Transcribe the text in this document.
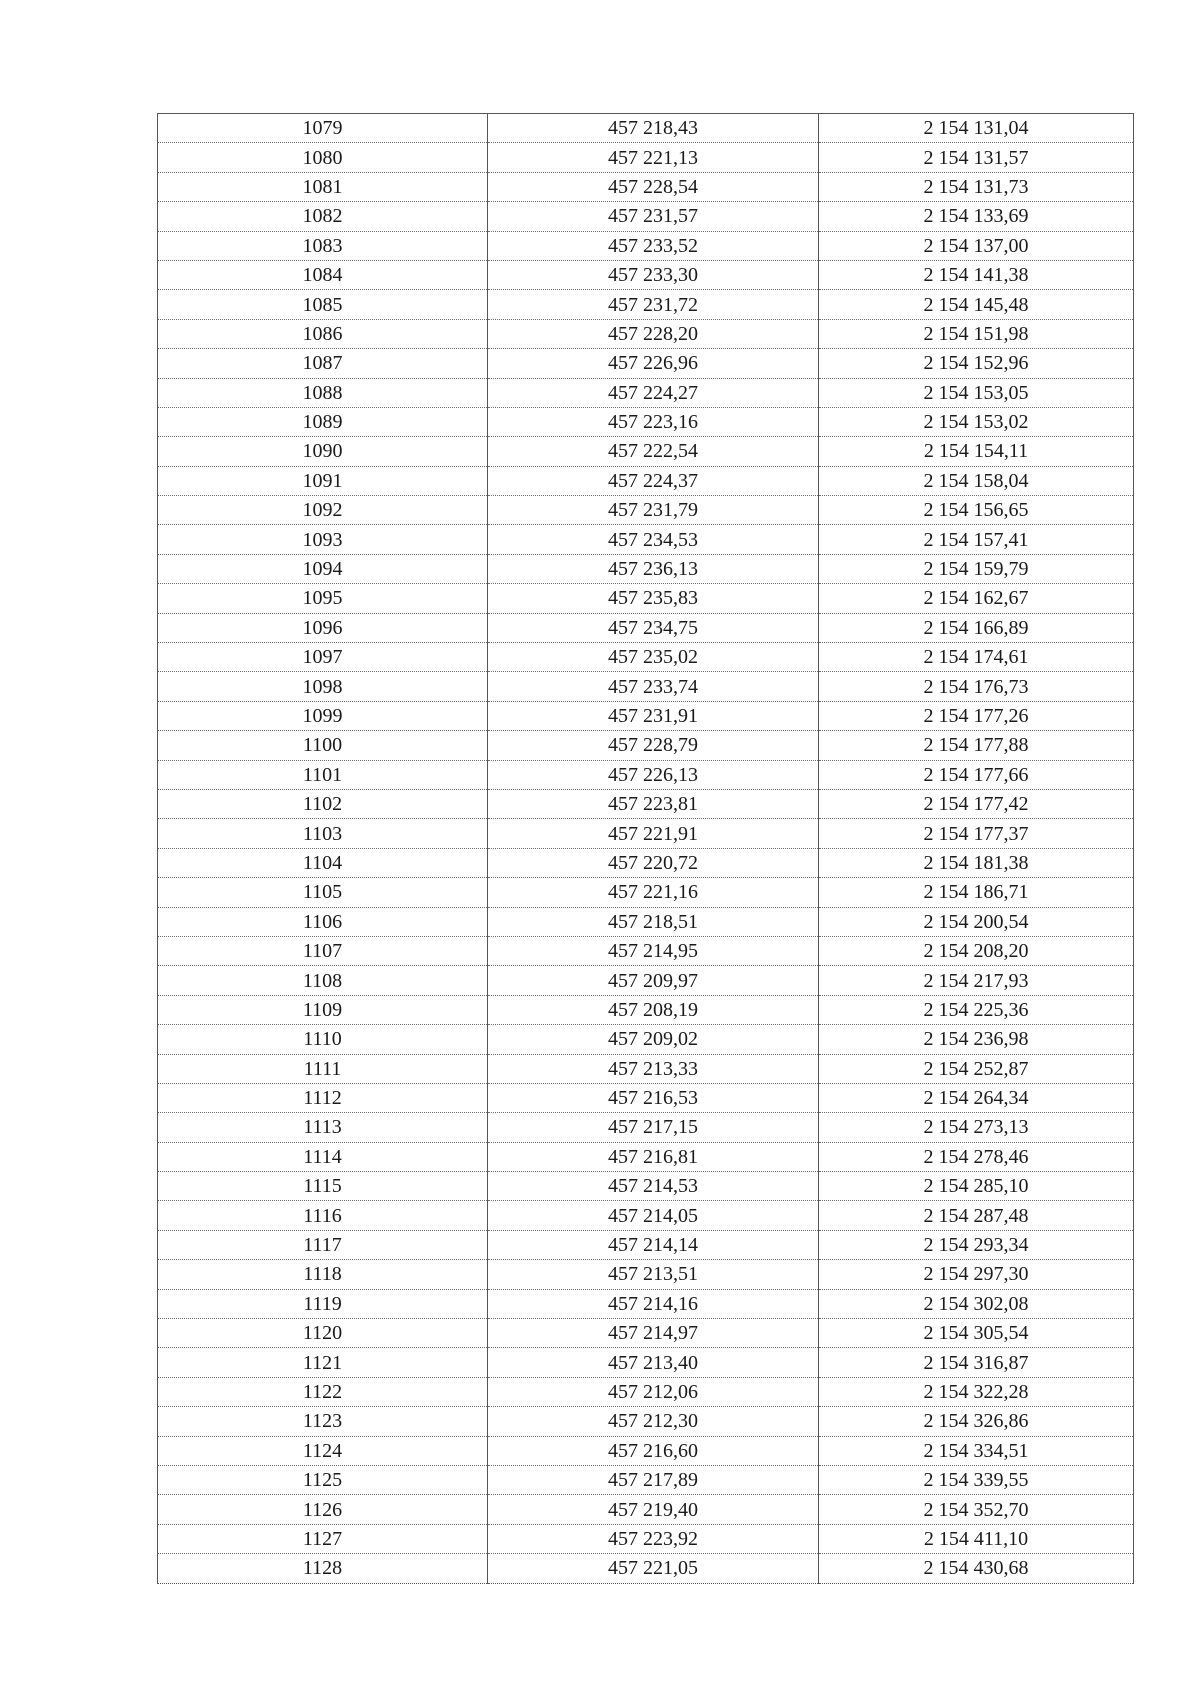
1079	457 218,43	2 154 131,04
1080	457 221,13	2 154 131,57
1081	457 228,54	2 154 131,73
1082	457 231,57	2 154 133,69
1083	457 233,52	2 154 137,00
1084	457 233,30	2 154 141,38
1085	457 231,72	2 154 145,48
1086	457 228,20	2 154 151,98
1087	457 226,96	2 154 152,96
1088	457 224,27	2 154 153,05
1089	457 223,16	2 154 153,02
1090	457 222,54	2 154 154,11
1091	457 224,37	2 154 158,04
1092	457 231,79	2 154 156,65
1093	457 234,53	2 154 157,41
1094	457 236,13	2 154 159,79
1095	457 235,83	2 154 162,67
1096	457 234,75	2 154 166,89
1097	457 235,02	2 154 174,61
1098	457 233,74	2 154 176,73
1099	457 231,91	2 154 177,26
1100	457 228,79	2 154 177,88
1101	457 226,13	2 154 177,66
1102	457 223,81	2 154 177,42
1103	457 221,91	2 154 177,37
1104	457 220,72	2 154 181,38
1105	457 221,16	2 154 186,71
1106	457 218,51	2 154 200,54
1107	457 214,95	2 154 208,20
1108	457 209,97	2 154 217,93
1109	457 208,19	2 154 225,36
1110	457 209,02	2 154 236,98
1111	457 213,33	2 154 252,87
1112	457 216,53	2 154 264,34
1113	457 217,15	2 154 273,13
1114	457 216,81	2 154 278,46
1115	457 214,53	2 154 285,10
1116	457 214,05	2 154 287,48
1117	457 214,14	2 154 293,34
1118	457 213,51	2 154 297,30
1119	457 214,16	2 154 302,08
1120	457 214,97	2 154 305,54
1121	457 213,40	2 154 316,87
1122	457 212,06	2 154 322,28
1123	457 212,30	2 154 326,86
1124	457 216,60	2 154 334,51
1125	457 217,89	2 154 339,55
1126	457 219,40	2 154 352,70
1127	457 223,92	2 154 411,10
1128	457 221,05	2 154 430,68
